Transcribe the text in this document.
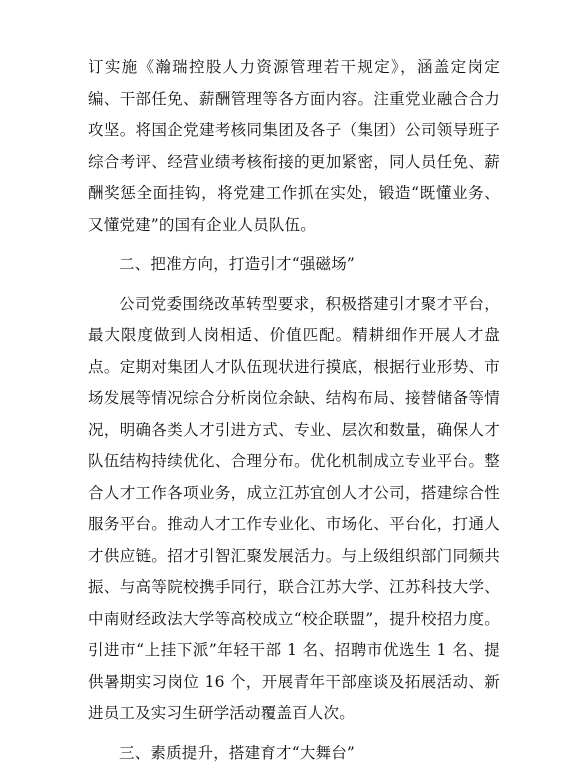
订实施《瀚瑞控股人力资源管理若干规定》，涵盖定岗定编、干部任免、薪酬管理等各方面内容。注重党业融合合力攻坚。将国企党建考核同集团及各子（集团）公司领导班子综合考评、经营业绩考核衔接的更加紧密，同人员任免、薪酬奖惩全面挂钩，将党建工作抓在实处，锻造“既懂业务、又懂党建”的国有企业人员队伍。

二、把准方向，打造引才“强磁场”

公司党委围绕改革转型要求，积极搭建引才聚才平台，最大限度做到人岗相适、价值匹配。精耕细作开展人才盘点。定期对集团人才队伍现状进行摸底，根据行业形势、市场发展等情况综合分析岗位余缺、结构布局、接替储备等情况，明确各类人才引进方式、专业、层次和数量，确保人才队伍结构持续优化、合理分布。优化机制成立专业平台。整合人才工作各项业务，成立江苏宜创人才公司，搭建综合性服务平台。推动人才工作专业化、市场化、平台化，打通人才供应链。招才引智汇聚发展活力。与上级组织部门同频共振、与高等院校携手同行，联合江苏大学、江苏科技大学、中南财经政法大学等高校成立“校企联盟”，提升校招力度。引进市“上挂下派”年轻干部 1 名、招聘市优选生 1 名、提供暑期实习岗位 16 个，开展青年干部座谈及拓展活动、新进员工及实习生研学活动覆盖百人次。

三、素质提升，搭建育才“大舞台”
